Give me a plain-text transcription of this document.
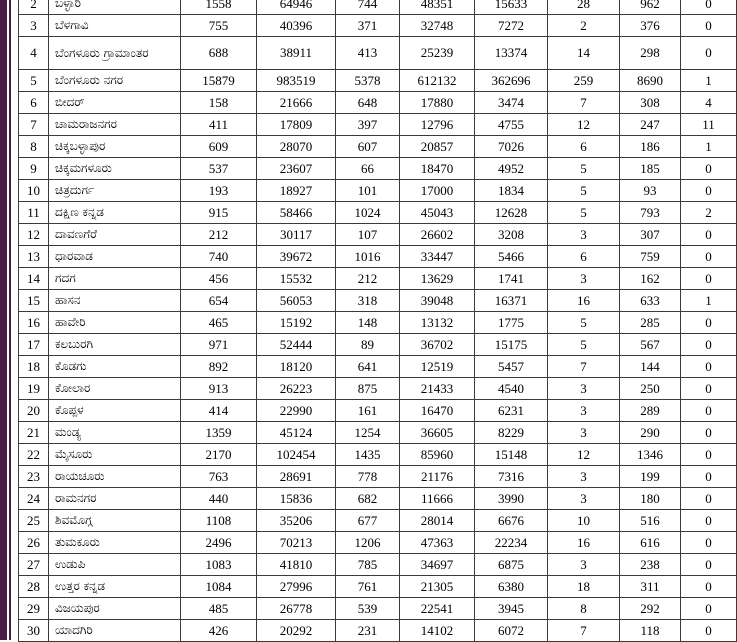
2	ಬಳ್ಳಾರಿ	1558	64946	744	48351	15633	28	962	0
3	ಬೆಳಗಾವಿ	755	40396	371	32748	7272	2	376	0
4	ಬೆಂಗಳೂರು ಗ್ರಾಮಾಂತರ	688	38911	413	25239	13374	14	298	0
5	ಬೆಂಗಳೂರು ನಗರ	15879	983519	5378	612132	362696	259	8690	1
6	ಬೀದರ್	158	21666	648	17880	3474	7	308	4
7	ಚಾಮರಾಜನಗರ	411	17809	397	12796	4755	12	247	11
8	ಚಿಕ್ಕಬಳ್ಳಾಪುರ	609	28070	607	20857	7026	6	186	1
9	ಚಿಕ್ಕಮಗಳೂರು	537	23607	66	18470	4952	5	185	0
10	ಚಿತ್ರದುರ್ಗ	193	18927	101	17000	1834	5	93	0
11	ದಕ್ಷಿಣ ಕನ್ನಡ	915	58466	1024	45043	12628	5	793	2
12	ದಾವಣಗೆರೆ	212	30117	107	26602	3208	3	307	0
13	ಧಾರವಾಡ	740	39672	1016	33447	5466	6	759	0
14	ಗದಗ	456	15532	212	13629	1741	3	162	0
15	ಹಾಸನ	654	56053	318	39048	16371	16	633	1
16	ಹಾವೇರಿ	465	15192	148	13132	1775	5	285	0
17	ಕಲಬುರಗಿ	971	52444	89	36702	15175	5	567	0
18	ಕೊಡಗು	892	18120	641	12519	5457	7	144	0
19	ಕೋಲಾರ	913	26223	875	21433	4540	3	250	0
20	ಕೊಪ್ಪಳ	414	22990	161	16470	6231	3	289	0
21	ಮಂಡ್ಯ	1359	45124	1254	36605	8229	3	290	0
22	ಮೈಸೂರು	2170	102454	1435	85960	15148	12	1346	0
23	ರಾಯಚೂರು	763	28691	778	21176	7316	3	199	0
24	ರಾಮನಗರ	440	15836	682	11666	3990	3	180	0
25	ಶಿವಮೊಗ್ಗ	1108	35206	677	28014	6676	10	516	0
26	ತುಮಕೂರು	2496	70213	1206	47363	22234	16	616	0
27	ಉಡುಪಿ	1083	41810	785	34697	6875	3	238	0
28	ಉತ್ತರ ಕನ್ನಡ	1084	27996	761	21305	6380	18	311	0
29	ವಿಜಯಪುರ	485	26778	539	22541	3945	8	292	0
30	ಯಾದಗಿರಿ	426	20292	231	14102	6072	7	118	0
